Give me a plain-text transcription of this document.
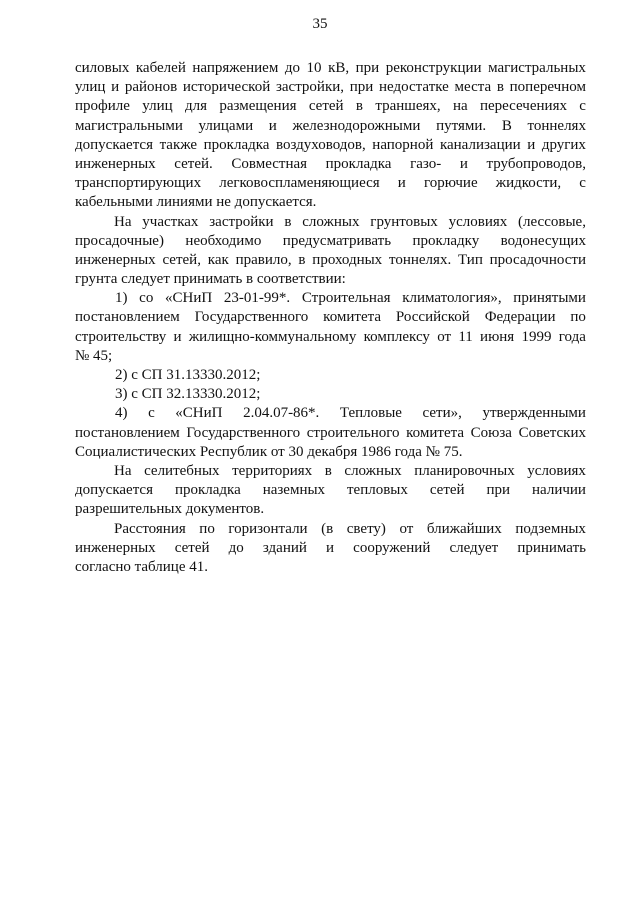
35
силовых кабелей напряжением до 10 кВ, при реконструкции магистральных
улиц и районов исторической застройки, при недостатке места в поперечном
профиле улиц для размещения сетей в траншеях, на пересечениях с
магистральными улицами и железнодорожными путями. В тоннелях
допускается также прокладка воздуховодов, напорной канализации и других
инженерных сетей. Совместная прокладка газо- и трубопроводов,
транспортирующих легковоспламеняющиеся и горючие жидкости, с
кабельными линиями не допускается.
На участках застройки в сложных грунтовых условиях (лессовые,
просадочные) необходимо предусматривать прокладку водонесущих
инженерных сетей, как правило, в проходных тоннелях. Тип просадочности
грунта следует принимать в соответствии:
1) со «СНиП 23-01-99*. Строительная климатология», принятыми
постановлением Государственного комитета Российской Федерации по
строительству и жилищно-коммунальному комплексу от 11 июня 1999 года
№ 45;
2) с СП 31.13330.2012;
3) с СП 32.13330.2012;
4) с «СНиП 2.04.07-86*. Тепловые сети», утвержденными
постановлением Государственного строительного комитета Союза Советских
Социалистических Республик от 30 декабря 1986 года № 75.
На селитебных территориях в сложных планировочных условиях
допускается прокладка наземных тепловых сетей при наличии
разрешительных документов.
Расстояния по горизонтали (в свету) от ближайших подземных
инженерных сетей до зданий и сооружений следует принимать
согласно таблице 41.
